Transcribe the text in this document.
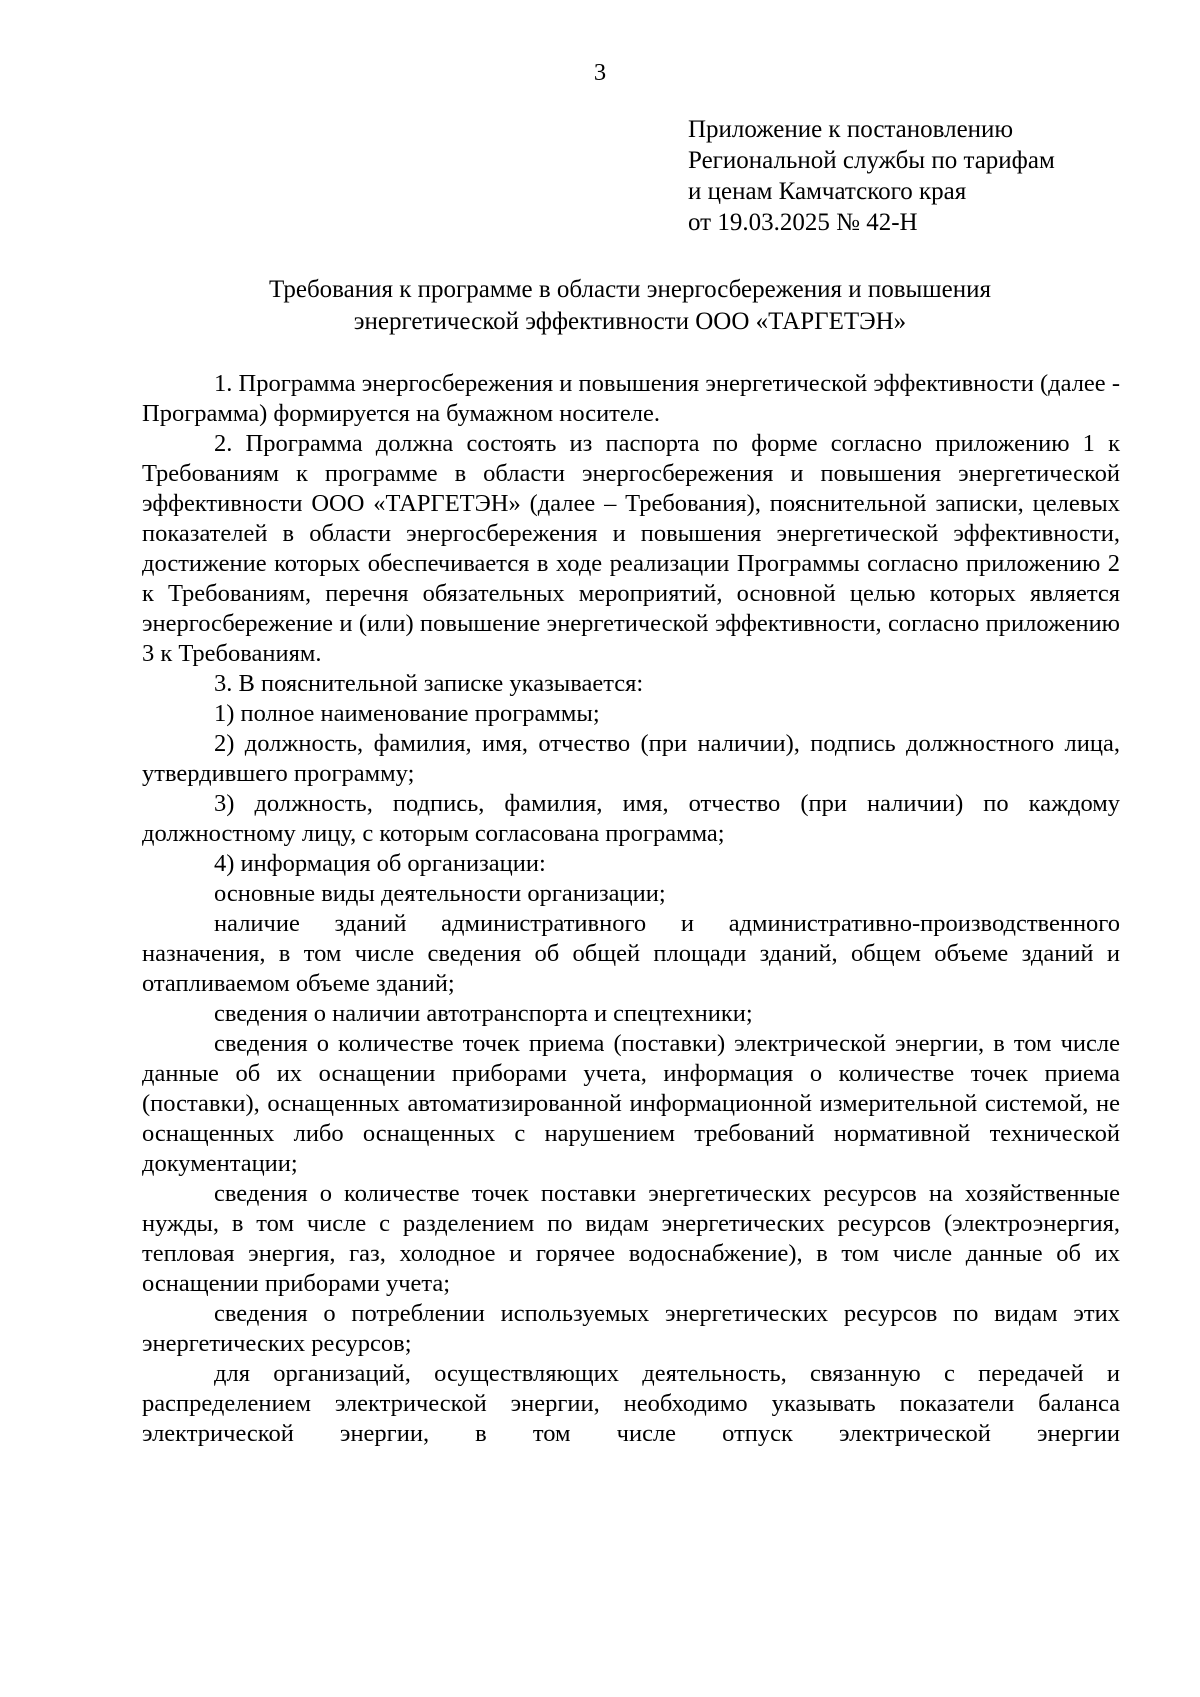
3
Приложение к постановлению
Региональной службы по тарифам
и ценам Камчатского края
от 19.03.2025 № 42-Н
Требования к программе в области энергосбережения и повышения
энергетической эффективности ООО «ТАРГЕТЭН»

1. Программа энергосбережения и повышения энергетической эффективности (далее - Программа) формируется на бумажном носителе.

2. Программа должна состоять из паспорта по форме согласно приложению 1 к Требованиям к программе в области энергосбережения и повышения энергетической эффективности ООО «ТАРГЕТЭН» (далее – Требования), пояснительной записки, целевых показателей в области энергосбережения и повышения энергетической эффективности, достижение которых обеспечивается в ходе реализации Программы согласно приложению 2 к Требованиям, перечня обязательных мероприятий, основной целью которых является энергосбережение и (или) повышение энергетической эффективности, согласно приложению 3 к Требованиям.

3. В пояснительной записке указывается:

1) полное наименование программы;

2) должность, фамилия, имя, отчество (при наличии), подпись должностного лица, утвердившего программу;

3) должность, подпись, фамилия, имя, отчество (при наличии) по каждому должностному лицу, с которым согласована программа;

4) информация об организации:

основные виды деятельности организации;

наличие зданий административного и административно-производственного назначения, в том числе сведения об общей площади зданий, общем объеме зданий и отапливаемом объеме зданий;

сведения о наличии автотранспорта и спецтехники;

сведения о количестве точек приема (поставки) электрической энергии, в том числе данные об их оснащении приборами учета, информация о количестве точек приема (поставки), оснащенных автоматизированной информационной измерительной системой, не оснащенных либо оснащенных с нарушением требований нормативной технической документации;

сведения о количестве точек поставки энергетических ресурсов на хозяйственные нужды, в том числе с разделением по видам энергетических ресурсов (электроэнергия, тепловая энергия, газ, холодное и горячее водоснабжение), в том числе данные об их оснащении приборами учета;

сведения о потреблении используемых энергетических ресурсов по видам этих энергетических ресурсов;

для организаций, осуществляющих деятельность, связанную с передачей и распределением электрической энергии, необходимо указывать показатели баланса электрической энергии, в том числе отпуск электрической энергии
